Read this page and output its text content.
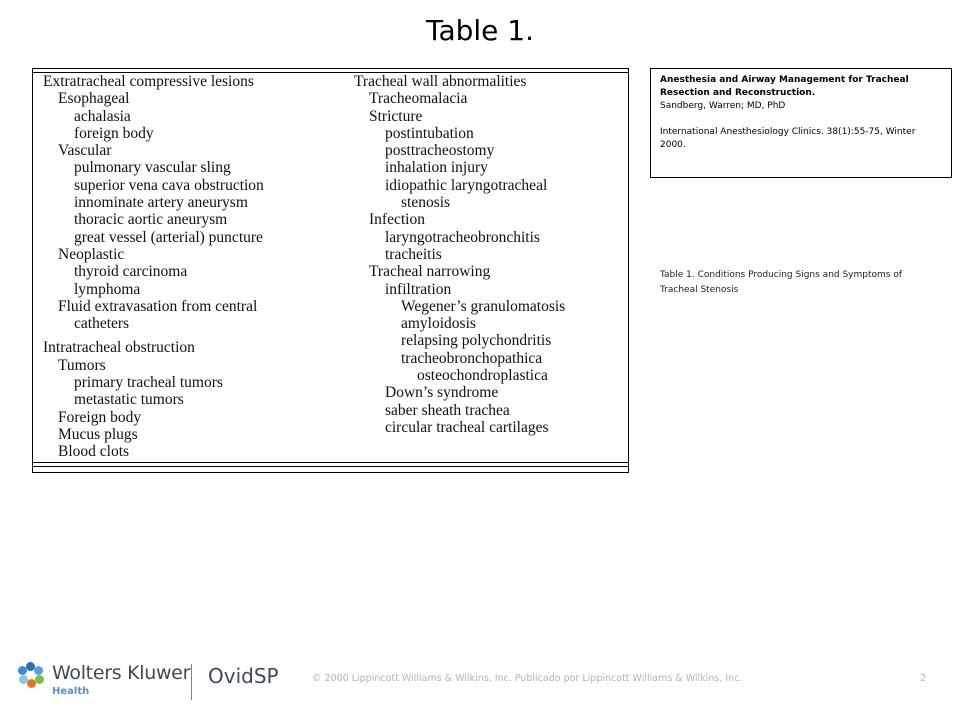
Table 1.
Extratracheal compressive lesions
Esophageal
achalasia
foreign body
Vascular
pulmonary vascular sling
superior vena cava obstruction
innominate artery aneurysm
thoracic aortic aneurysm
great vessel (arterial) puncture
Neoplastic
thyroid carcinoma
lymphoma
Fluid extravasation from central
catheters
Intratracheal obstruction
Tumors
primary tracheal tumors
metastatic tumors
Foreign body
Mucus plugs
Blood clots
Tracheal wall abnormalities
Tracheomalacia
Stricture
postintubation
posttracheostomy
inhalation injury
idiopathic laryngotracheal
stenosis
Infection
laryngotracheobronchitis
tracheitis
Tracheal narrowing
infiltration
Wegener’s granulomatosis
amyloidosis
relapsing polychondritis
tracheobronchopathica
osteochondroplastica
Down’s syndrome
saber sheath trachea
circular tracheal cartilages
Anesthesia and Airway Management for Tracheal Resection and Reconstruction.
Sandberg, Warren; MD, PhD
International Anesthesiology Clinics. 38(1):55-75, Winter 2000.
Table 1. Conditions Producing Signs and Symptoms of Tracheal Stenosis
Wolters Kluwer
Health
OvidSP	© 2000 Lippincott Williams & Wilkins, Inc. Publicado por Lippincott Williams & Wilkins, Inc.	2
